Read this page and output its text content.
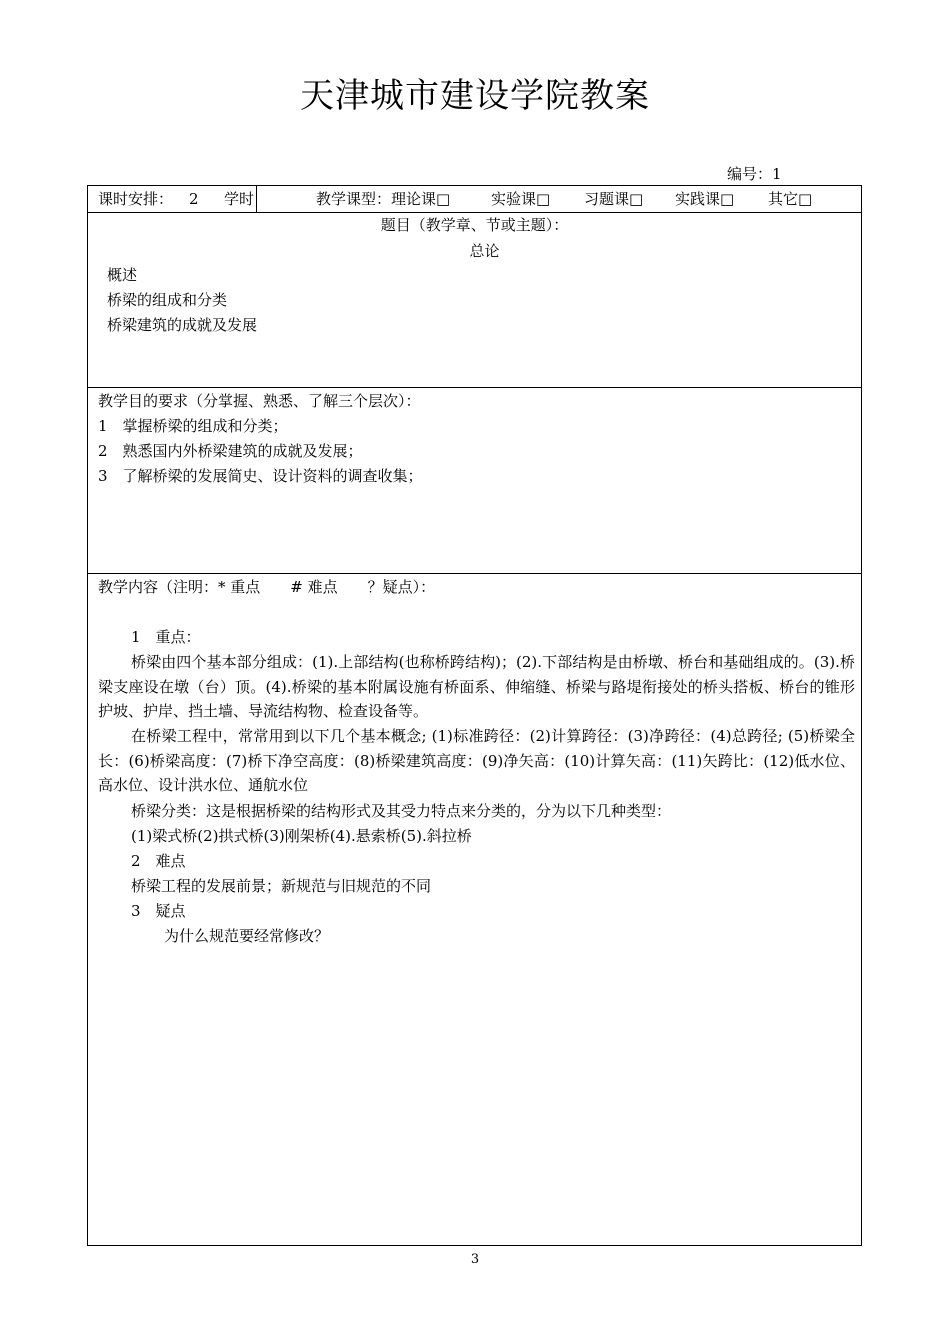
天津城市建设学院教案
编号：1
课时安排： 2 学时	教学课型：理论课□	实验课□ 习题课□ 实践课□ 其它□
题目（教学章、节或主题）：
总论
概述
桥梁的组成和分类
桥梁建筑的成就及发展
教学目的要求（分掌握、熟悉、了解三个层次）：
1　掌握桥梁的组成和分类；
2　熟悉国内外桥梁建筑的成就及发展；
3　了解桥梁的发展简史、设计资料的调查收集；
教学内容（注明：* 重点　　# 难点　　？疑点）：
1　重点：
桥梁由四个基本部分组成：(1).上部结构(也称桥跨结构)；(2).下部结构是由桥墩、桥台和基础组成的。(3).桥梁支座设在墩（台）顶。(4).桥梁的基本附属设施有桥面系、伸缩缝、桥梁与路堤衔接处的桥头搭板、桥台的锥形护坡、护岸、挡土墙、导流结构物、检查设备等。
在桥梁工程中，常常用到以下几个基本概念; (1)标准跨径：(2)计算跨径：(3)净跨径：(4)总跨径; (5)桥梁全长：(6)桥梁高度：(7)桥下净空高度：(8)桥梁建筑高度：(9)净矢高：(10)计算矢高：(11)矢跨比：(12)低水位、高水位、设计洪水位、通航水位
桥梁分类：这是根据桥梁的结构形式及其受力特点来分类的，分为以下几种类型：
(1)梁式桥(2)拱式桥(3)刚架桥(4).悬索桥(5).斜拉桥
2　难点
桥梁工程的发展前景；新规范与旧规范的不同
3　疑点
为什么规范要经常修改？
3
